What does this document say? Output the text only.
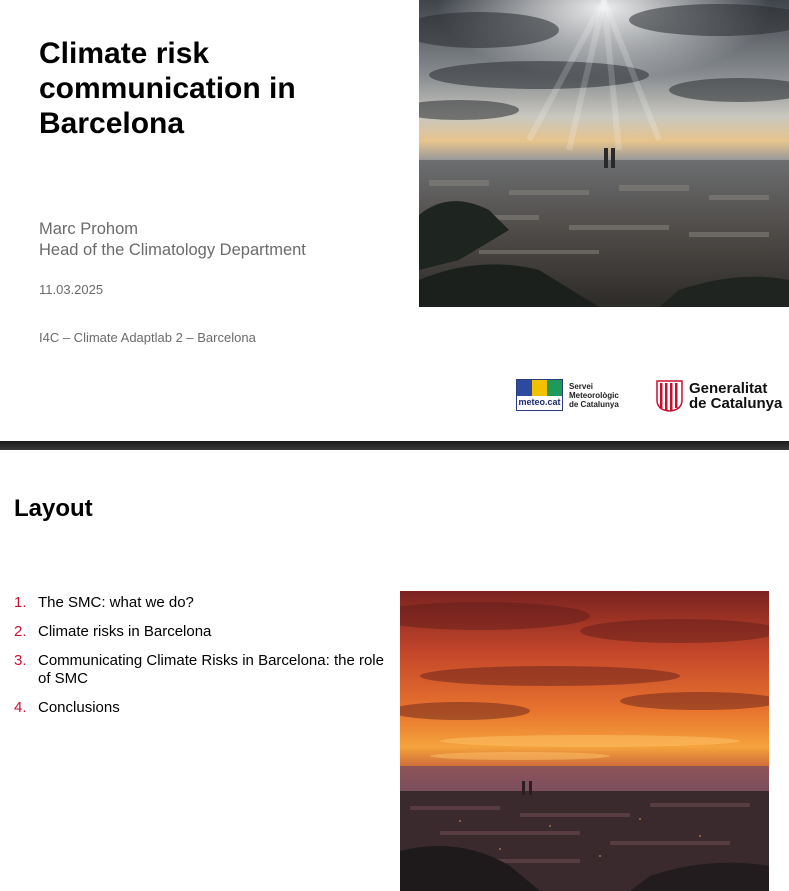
Climate risk
communication in
Barcelona
Marc Prohom
Head of the Climatology Department
11.03.2025
I4C – Climate Adaptlab 2 – Barcelona
meteo.cat
Servei
Meteorològic
de Catalunya
Generalitat
de Catalunya
Layout
1. The SMC: what we do?
2. Climate risks in Barcelona
3. Communicating Climate Risks in Barcelona: the role of SMC
4. Conclusions
